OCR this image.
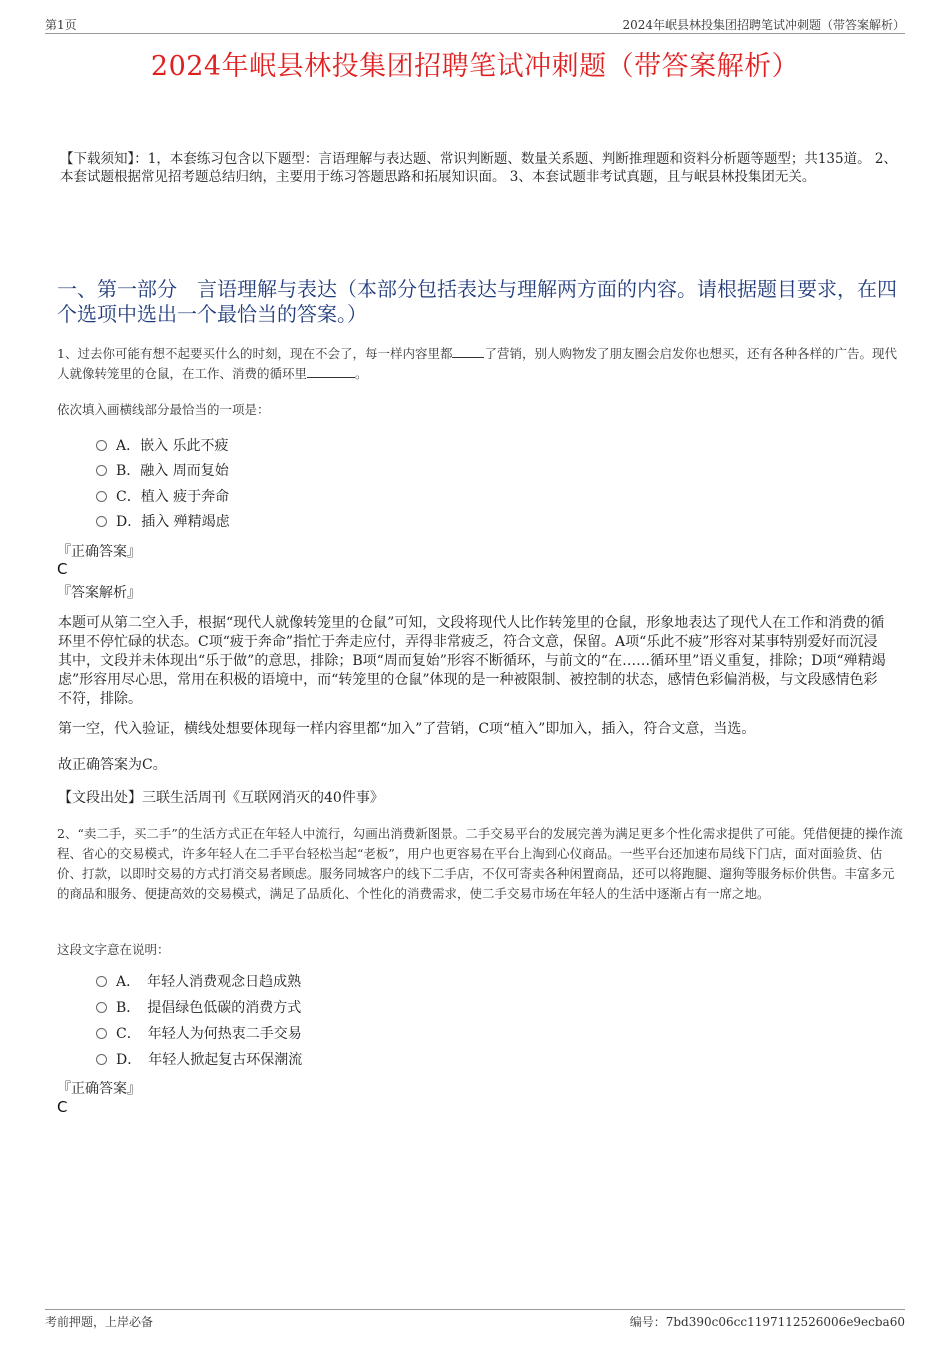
第1页	2024年岷县林投集团招聘笔试冲刺题（带答案解析）
2024年岷县林投集团招聘笔试冲刺题（带答案解析）
【下载须知】：1，本套练习包含以下题型：言语理解与表达题、常识判断题、数量关系题、判断推理题和资料分析题等题型；共135道。 2、本套试题根据常见招考题总结归纳，主要用于练习答题思路和拓展知识面。 3、本套试题非考试真题，且与岷县林投集团无关。
一、第一部分　言语理解与表达（本部分包括表达与理解两方面的内容。请根据题目要求，在四个选项中选出一个最恰当的答案。）
1、过去你可能有想不起要买什么的时刻，现在不会了，每一样内容里都	了营销，别人购物发了朋友圈会启发你也想买，还有各种各样的广告。现代人就像转笼里的仓鼠，在工作、消费的循环里	。
依次填入画横线部分最恰当的一项是：
A．嵌入 乐此不疲
B．融入 周而复始
C．植入 疲于奔命
D．插入 殚精竭虑
『正确答案』
C
『答案解析』
本题可从第二空入手，根据“现代人就像转笼里的仓鼠”可知，文段将现代人比作转笼里的仓鼠，形象地表达了现代人在工作和消费的循环里不停忙碌的状态。C项“疲于奔命”指忙于奔走应付，弄得非常疲乏，符合文意，保留。A项“乐此不疲”形容对某事特别爱好而沉浸其中，文段并未体现出“乐于做”的意思，排除；B项“周而复始”形容不断循环，与前文的“在……循环里”语义重复，排除；D项“殚精竭虑”形容用尽心思，常用在积极的语境中，而“转笼里的仓鼠”体现的是一种被限制、被控制的状态，感情色彩偏消极，与文段感情色彩不符，排除。
第一空，代入验证，横线处想要体现每一样内容里都“加入”了营销，C项“植入”即加入，插入，符合文意，当选。
故正确答案为C。
【文段出处】三联生活周刊《互联网消灭的40件事》
2、“卖二手，买二手”的生活方式正在年轻人中流行，勾画出消费新图景。二手交易平台的发展完善为满足更多个性化需求提供了可能。凭借便捷的操作流程、省心的交易模式，许多年轻人在二手平台轻松当起“老板”，用户也更容易在平台上淘到心仪商品。一些平台还加速布局线下门店，面对面验货、估价、打款，以即时交易的方式打消交易者顾虑。服务同城客户的线下二手店，不仅可寄卖各种闲置商品，还可以将跑腿、遛狗等服务标价供售。丰富多元的商品和服务、便捷高效的交易模式，满足了品质化、个性化的消费需求，使二手交易市场在年轻人的生活中逐渐占有一席之地。
这段文字意在说明：
A．　年轻人消费观念日趋成熟
B．　提倡绿色低碳的消费方式
C．　年轻人为何热衷二手交易
D．　年轻人掀起复古环保潮流
『正确答案』
C
考前押题，上岸必备	编号：7bd390c06cc1197112526006e9ecba60
